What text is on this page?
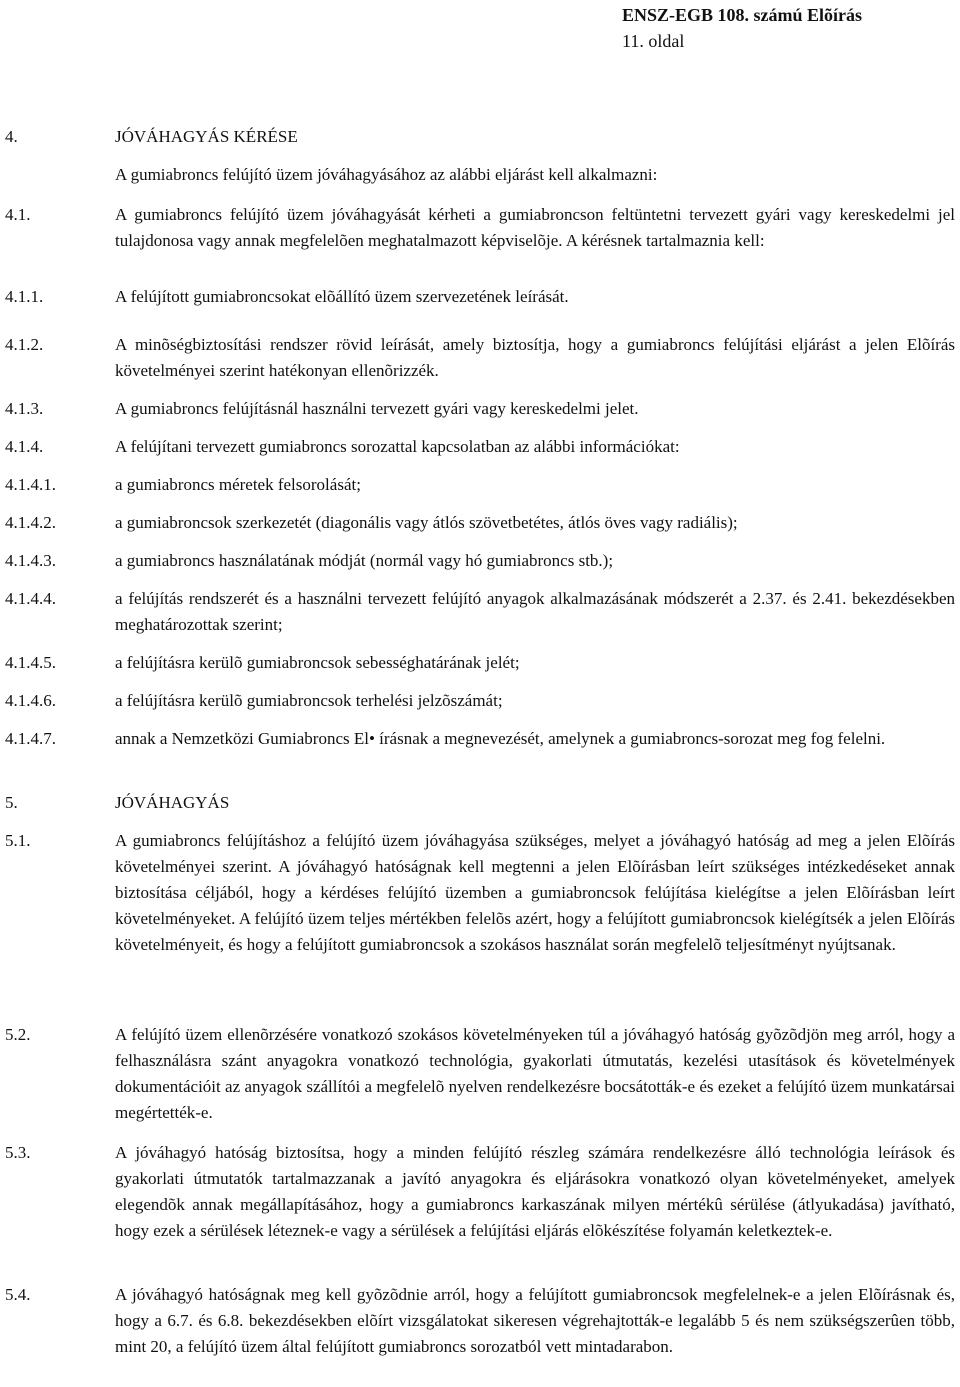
ENSZ-EGB 108. számú Elõírás
11. oldal
4.	JÓVÁHAGYÁS KÉRÉSE
A gumiabroncs felújító üzem jóváhagyásához az alábbi eljárást kell alkalmazni:
4.1.	A gumiabroncs felújító üzem jóváhagyását kérheti a gumiabroncson feltüntetni tervezett gyári vagy kereskedelmi jel tulajdonosa vagy annak megfelelõen meghatalmazott képviselõje. A kérésnek tartalmaznia kell:
4.1.1.	A felújított gumiabroncsokat elõállító üzem szervezetének leírását.
4.1.2.	A minõségbiztosítási rendszer rövid leírását, amely biztosítja, hogy a gumiabroncs felújítási eljárást a jelen Elõírás követelményei szerint hatékonyan ellenõrizzék.
4.1.3.	A gumiabroncs felújításnál használni tervezett gyári vagy kereskedelmi jelet.
4.1.4.	A felújítani tervezett gumiabroncs sorozattal kapcsolatban az alábbi információkat:
4.1.4.1.	a gumiabroncs méretek felsorolását;
4.1.4.2.	a gumiabroncsok szerkezetét (diagonális vagy átlós szövetbetétes, átlós öves vagy radiális);
4.1.4.3.	a gumiabroncs használatának módját (normál vagy hó gumiabroncs stb.);
4.1.4.4.	a felújítás rendszerét és a használni tervezett felújító anyagok alkalmazásának módszerét a 2.37. és 2.41. bekezdésekben meghatározottak szerint;
4.1.4.5.	a felújításra kerülõ gumiabroncsok sebességhatárának jelét;
4.1.4.6.	a felújításra kerülõ gumiabroncsok terhelési jelzõszámát;
4.1.4.7.	annak a Nemzetközi Gumiabroncs El• írásnak a megnevezését, amelynek a gumiabroncs-sorozat meg fog felelni.
5.	JÓVÁHAGYÁS
5.1.	A gumiabroncs felújításhoz a felújító üzem jóváhagyása szükséges, melyet a jóváhagyó hatóság ad meg a jelen Elõírás követelményei szerint. A jóváhagyó hatóságnak kell megtenni a jelen Elõírásban leírt szükséges intézkedéseket annak biztosítása céljából, hogy a kérdéses felújító üzemben a gumiabroncsok felújítása kielégítse a jelen Elõírásban leírt követelményeket. A felújító üzem teljes mértékben felelõs azért, hogy a felújított gumiabroncsok kielégítsék a jelen Elõírás követelményeit, és hogy a felújított gumiabroncsok a szokásos használat során megfelelõ teljesítményt nyújtsanak.
5.2.	A felújító üzem ellenõrzésére vonatkozó szokásos követelményeken túl a jóváhagyó hatóság gyõzõdjön meg arról, hogy a felhasználásra szánt anyagokra vonatkozó technológia, gyakorlati útmutatás, kezelési utasítások és követelmények dokumentációit az anyagok szállítói a megfelelõ nyelven rendelkezésre bocsátották-e és ezeket a felújító üzem munkatársai megértették-e.
5.3.	A jóváhagyó hatóság biztosítsa, hogy a minden felújító részleg számára rendelkezésre álló technológia leírások és gyakorlati útmutatók tartalmazzanak a javító anyagokra és eljárásokra vonatkozó olyan követelményeket, amelyek elegendõk annak megállapításához, hogy a gumiabroncs karkaszának milyen mértékû sérülése (átlyukadása) javítható, hogy ezek a sérülések léteznek-e vagy a sérülések a felújítási eljárás elõkészítése folyamán keletkeztek-e.
5.4.	A jóváhagyó hatóságnak meg kell gyõzõdnie arról, hogy a felújított gumiabroncsok megfelelnek-e a jelen Elõírásnak és, hogy a 6.7. és 6.8. bekezdésekben elõírt vizsgálatokat sikeresen végrehajtották-e legalább 5 és nem szükségszerûen több, mint 20, a felújító üzem által felújított gumiabroncs sorozatból vett mintadarabon.
